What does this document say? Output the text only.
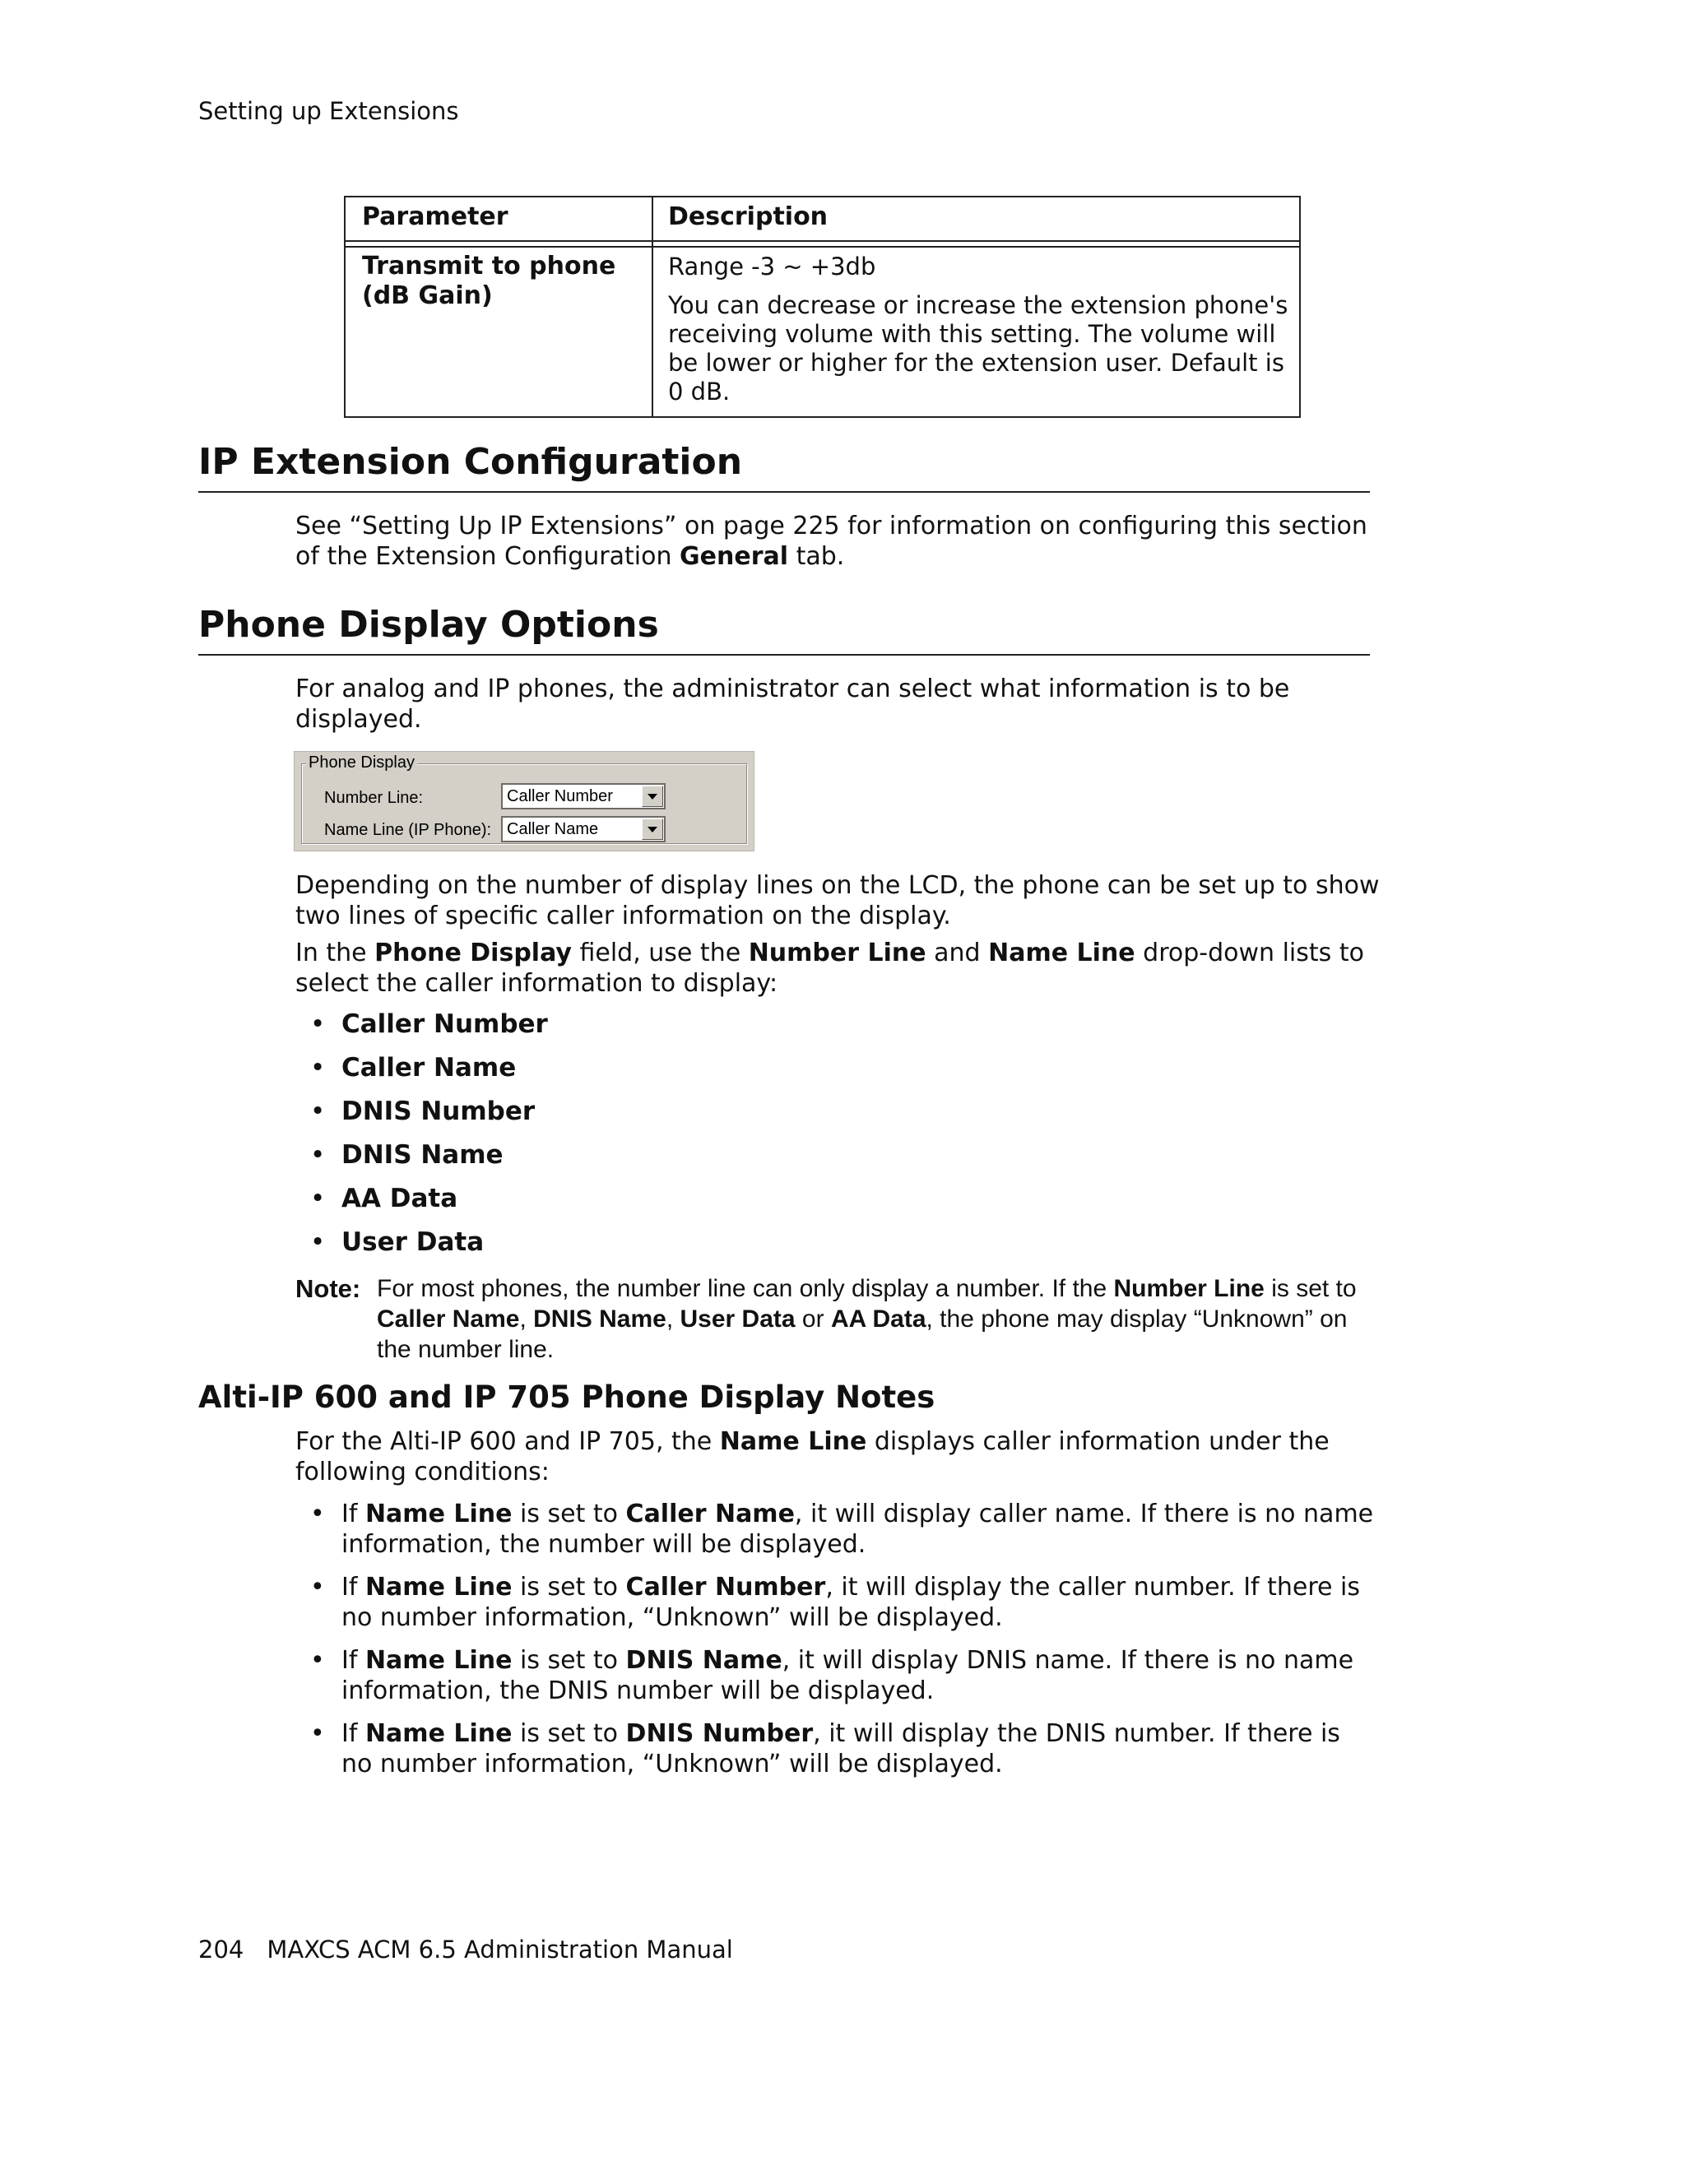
Setting up Extensions
Parameter	Description
Transmit to phone (dB Gain)
Range -3 ~ +3db
You can decrease or increase the extension phone's receiving volume with this setting. The volume will be lower or higher for the extension user. Default is 0 dB.
IP Extension Configuration
See “Setting Up IP Extensions” on page 225 for information on configuring this section of the Extension Configuration General tab.
Phone Display Options
For analog and IP phones, the administrator can select what information is to be displayed.
Phone Display
Number Line:	Caller Number
Name Line (IP Phone): Caller Name
Depending on the number of display lines on the LCD, the phone can be set up to show two lines of specific caller information on the display.
In the Phone Display field, use the Number Line and Name Line drop-down lists to select the caller information to display:
• Caller Number
• Caller Name
• DNIS Number
• DNIS Name
• AA Data
• User Data
Note: For most phones, the number line can only display a number. If the Number Line is set to Caller Name, DNIS Name, User Data or AA Data, the phone may display “Unknown” on the number line.
Alti-IP 600 and IP 705 Phone Display Notes
For the Alti-IP 600 and IP 705, the Name Line displays caller information under the following conditions:
• If Name Line is set to Caller Name, it will display caller name. If there is no name information, the number will be displayed.
• If Name Line is set to Caller Number, it will display the caller number. If there is no number information, “Unknown” will be displayed.
• If Name Line is set to DNIS Name, it will display DNIS name. If there is no name information, the DNIS number will be displayed.
• If Name Line is set to DNIS Number, it will display the DNIS number. If there is no number information, “Unknown” will be displayed.
204 MAXCS ACM 6.5 Administration Manual
